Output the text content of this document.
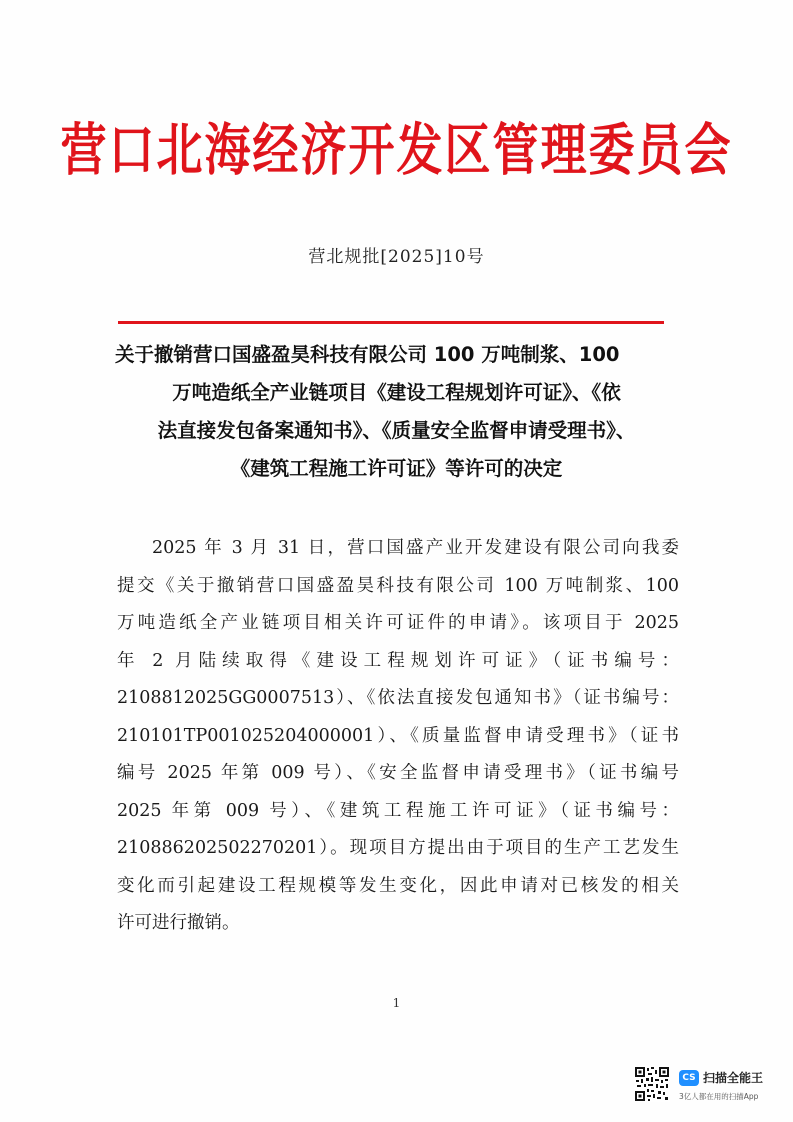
营口北海经济开发区管理委员会
营北规批[2025]10号
关于撤销营口国盛盈昊科技有限公司 100 万吨制浆、100
万吨造纸全产业链项目《建设工程规划许可证》、《依
法直接发包备案通知书》、《质量安全监督申请受理书》、
《建筑工程施工许可证》等许可的决定
2025 年 3 月 31 日，营口国盛产业开发建设有限公司向我委
提交《关于撤销营口国盛盈昊科技有限公司 100 万吨制浆、100
万吨造纸全产业链项目相关许可证件的申请》。该项目于 2025
年 2 月陆续取得《建设工程规划许可证》（证书编号：
2108812025GG0007513）、《依法直接发包通知书》（证书编号：
210101TP001025204000001）、《质量监督申请受理书》（证书
编号 2025 年第 009 号）、《安全监督申请受理书》（证书编号
2025 年第 009 号）、《建筑工程施工许可证》（证书编号：
210886202502270201）。现项目方提出由于项目的生产工艺发生
变化而引起建设工程规模等发生变化，因此申请对已核发的相关
许可进行撤销。
1
CS 扫描全能王
3亿人都在用的扫描App
